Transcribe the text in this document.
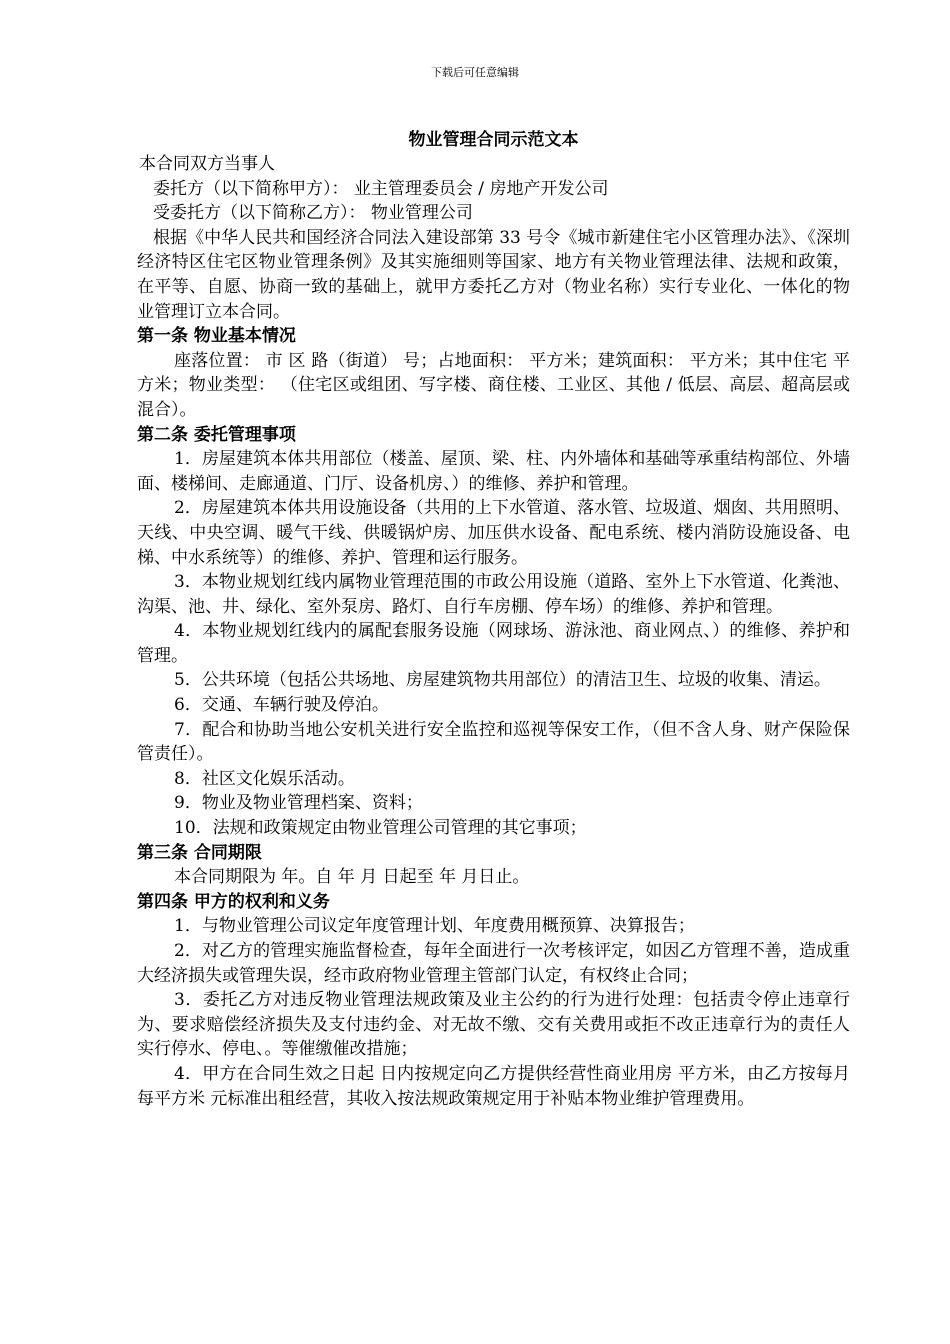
下载后可任意编辑
物业管理合同示范文本

本合同双方当事人

委托方（以下简称甲方）： 业主管理委员会 / 房地产开发公司

受委托方（以下简称乙方）： 物业管理公司

根据《中华人民共和国经济合同法入建设部第 33 号令《城市新建住宅小区管理办法》、《深圳经济特区住宅区物业管理条例》及其实施细则等国家、地方有关物业管理法律、法规和政策，在平等、自愿、协商一致的基础上，就甲方委托乙方对（物业名称）实行专业化、一体化的物业管理订立本合同。

第一条 物业基本情况

座落位置： 市 区 路（街道） 号；占地面积： 平方米；建筑面积： 平方米；其中住宅 平方米；物业类型： （住宅区或组团、写字楼、商住楼、工业区、其他 / 低层、高层、超高层或混合）。

第二条 委托管理事项

1．房屋建筑本体共用部位（楼盖、屋顶、梁、柱、内外墙体和基础等承重结构部位、外墙面、楼梯间、走廊通道、门厅、设备机房、）的维修、养护和管理。

2．房屋建筑本体共用设施设备（共用的上下水管道、落水管、垃圾道、烟囱、共用照明、天线、中央空调、暖气干线、供暖锅炉房、加压供水设备、配电系统、楼内消防设施设备、电梯、中水系统等）的维修、养护、管理和运行服务。

3．本物业规划红线内属物业管理范围的市政公用设施（道路、室外上下水管道、化粪池、沟渠、池、井、绿化、室外泵房、路灯、自行车房棚、停车场）的维修、养护和管理。

4．本物业规划红线内的属配套服务设施（网球场、游泳池、商业网点、）的维修、养护和管理。

5．公共环境（包括公共场地、房屋建筑物共用部位）的清洁卫生、垃圾的收集、清运。

6．交通、车辆行驶及停泊。

7．配合和协助当地公安机关进行安全监控和巡视等保安工作，（但不含人身、财产保险保管责任）。

8．社区文化娱乐活动。

9．物业及物业管理档案、资料；

10．法规和政策规定由物业管理公司管理的其它事项；

第三条 合同期限

本合同期限为 年。自 年 月 日起至 年 月日止。

第四条 甲方的权利和义务

1．与物业管理公司议定年度管理计划、年度费用概预算、决算报告；

2．对乙方的管理实施监督检查，每年全面进行一次考核评定，如因乙方管理不善，造成重大经济损失或管理失误，经市政府物业管理主管部门认定，有权终止合同；

3．委托乙方对违反物业管理法规政策及业主公约的行为进行处理：包括责令停止违章行为、要求赔偿经济损失及支付违约金、对无故不缴、交有关费用或拒不改正违章行为的责任人实行停水、停电、。等催缴催改措施；

4．甲方在合同生效之日起 日内按规定向乙方提供经营性商业用房 平方米，由乙方按每月每平方米 元标准出租经营，其收入按法规政策规定用于补贴本物业维护管理费用。
